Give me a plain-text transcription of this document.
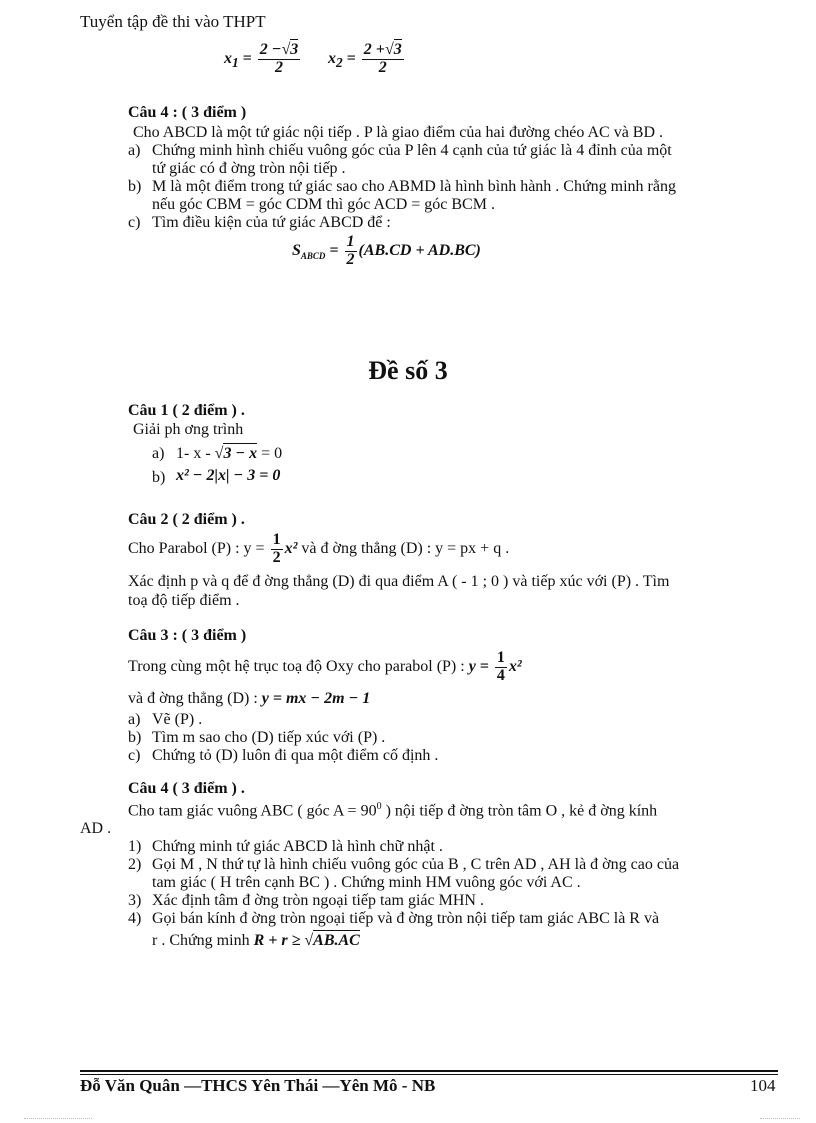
Tuyển tập đề thi vào THPT
$x_1 = \frac{2 -√3}{2} x_2 = \frac{2 +√3}{2}$
Câu 4 : ( 3 điểm )
Cho ABCD là một tứ giác nội tiếp . P là giao điểm của hai đường chéo AC và BD .
a) Chứng minh hình chiếu vuông góc của P lên 4 cạnh của tứ giác là 4 đỉnh của một
tứ giác có đ ờng tròn nội tiếp .
b) M là một điểm trong tứ giác sao cho ABMD là hình bình hành . Chứng minh rằng
nếu góc CBM = góc CDM thì góc ACD = góc BCM .
c) Tìm điều kiện của tứ giác ABCD để :
$S_{ABCD} = \frac{1}{2} (AB.CD + AD.BC)$
Đề số 3
Câu 1 ( 2 điểm ) .
Giải ph ơng trình
a) 1- x - √3 − x = 0
b) x² − 2|x| − 3 = 0
Câu 2 ( 2 điểm ) .
Cho Parabol (P) : $y = \frac{1}{2} x^2$ và đ ờng thẳng (D) : y = px + q .
Xác định p và q để đ ờng thẳng (D) đi qua điểm A ( - 1 ; 0 ) và tiếp xúc với (P) . Tìm
toạ độ tiếp điểm .
Câu 3 : ( 3 điểm )
Trong cùng một hệ trục toạ độ Oxy cho parabol (P) : $y = \frac{1}{4} x^2$
và đ ờng thẳng (D) : y = mx − 2m − 1
a) Vẽ (P) .
b) Tìm m sao cho (D) tiếp xúc với (P) .
c) Chứng tỏ (D) luôn đi qua một điểm cố định .
Câu 4 ( 3 điểm ) .
Cho tam giác vuông ABC ( góc $A = 90^0$ ) nội tiếp đ ờng tròn tâm O , kẻ đ ờng kính
AD .
1) Chứng minh tứ giác ABCD là hình chữ nhật .
2) Gọi M , N thứ tự là hình chiếu vuông góc của B , C trên AD , AH là đ ờng cao của
tam giác ( H trên cạnh BC ) . Chứng minh HM vuông góc với AC .
3) Xác định tâm đ ờng tròn ngoại tiếp tam giác MHN .
4) Gọi bán kính đ ờng tròn ngoại tiếp và đ ờng tròn nội tiếp tam giác ABC là R và
r . Chứng minh R + r ≥ √AB.AC
Đỗ Văn Quân —THCS Yên Thái —Yên Mô - NB	104
